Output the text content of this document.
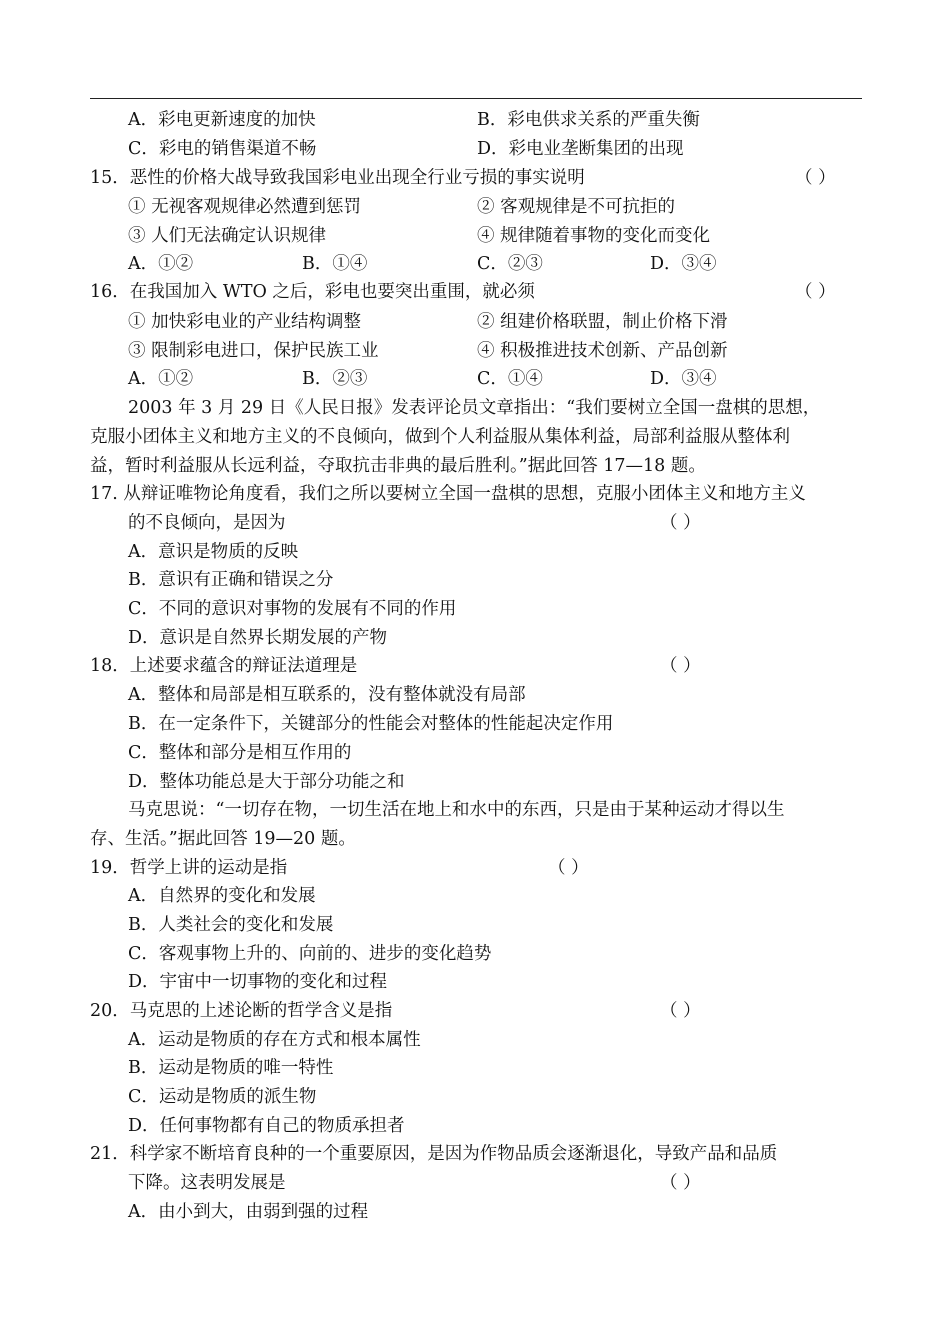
A．彩电更新速度的加快	B．彩电供求关系的严重失衡
C．彩电的销售渠道不畅	D．彩电业垄断集团的出现
15．恶性的价格大战导致我国彩电业出现全行业亏损的事实说明	（ ）
① 无视客观规律必然遭到惩罚	② 客观规律是不可抗拒的
③ 人们无法确定认识规律	④ 规律随着事物的变化而变化
A．①②	B．①④	C．②③	D．③④
16．在我国加入 WTO 之后，彩电也要突出重围，就必须	（ ）
① 加快彩电业的产业结构调整	② 组建价格联盟，制止价格下滑
③ 限制彩电进口，保护民族工业	④ 积极推进技术创新、产品创新
A．①②	B．②③	C．①④	D．③④
2003 年 3 月 29 日《人民日报》发表评论员文章指出：“我们要树立全国一盘棋的思想，
克服小团体主义和地方主义的不良倾向，做到个人利益服从集体利益，局部利益服从整体利
益，暂时利益服从长远利益，夺取抗击非典的最后胜利。”据此回答 17—18 题。
17. 从辩证唯物论角度看，我们之所以要树立全国一盘棋的思想，克服小团体主义和地方主义
的不良倾向，是因为	（ ）
A．意识是物质的反映
B．意识有正确和错误之分
C．不同的意识对事物的发展有不同的作用
D．意识是自然界长期发展的产物
18．上述要求蕴含的辩证法道理是	（ ）
A．整体和局部是相互联系的，没有整体就没有局部
B．在一定条件下，关键部分的性能会对整体的性能起决定作用
C．整体和部分是相互作用的
D．整体功能总是大于部分功能之和
马克思说：“一切存在物，一切生活在地上和水中的东西，只是由于某种运动才得以生
存、生活。”据此回答 19—20 题。
19．哲学上讲的运动是指	（ ）
A．自然界的变化和发展
B．人类社会的变化和发展
C．客观事物上升的、向前的、进步的变化趋势
D．宇宙中一切事物的变化和过程
20．马克思的上述论断的哲学含义是指	（ ）
A．运动是物质的存在方式和根本属性
B．运动是物质的唯一特性
C．运动是物质的派生物
D．任何事物都有自己的物质承担者
21．科学家不断培育良种的一个重要原因，是因为作物品质会逐渐退化，导致产品和品质
下降。这表明发展是	（ ）
A．由小到大，由弱到强的过程
